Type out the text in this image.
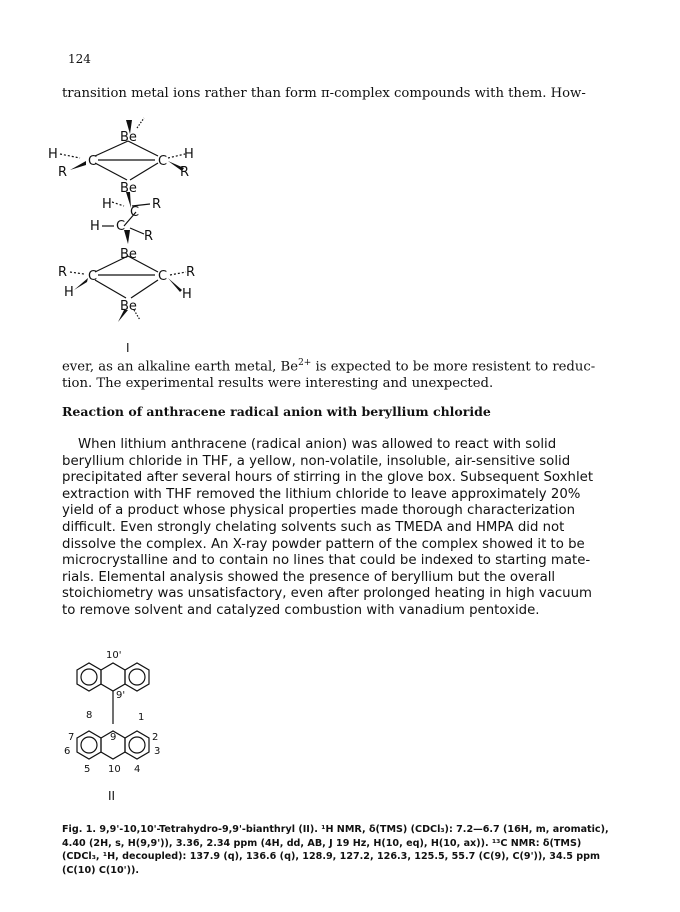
124
transition metal ions rather than form π-complex compounds with them. How-
Be
C	C
H
R
H
R
Be
H
C
R
H C
R
Be
C	C
R
H
R
H
Be
I
ever, as an alkaline earth metal, $Be^{2+}$ is expected to be more resistent to reduc-
tion. The experimental results were interesting and unexpected.
Reaction of anthracene radical anion with beryllium chloride
When lithium anthracene (radical anion) was allowed to react with solid
beryllium chloride in THF, a yellow, non-volatile, insoluble, air-sensitive solid
precipitated after several hours of stirring in the glove box. Subsequent Soxhlet
extraction with THF removed the lithium chloride to leave approximately 20%
yield of a product whose physical properties made thorough characterization
difficult. Even strongly chelating solvents such as TMEDA and HMPA did not
dissolve the complex. An X-ray powder pattern of the complex showed it to be
microcrystalline and to contain no lines that could be indexed to starting mate-
rials. Elemental analysis showed the presence of beryllium but the overall
stoichiometry was unsatisfactory, even after prolonged heating in high vacuum
to remove solvent and catalyzed combustion with vanadium pentoxide.
10'
9'
8
9
1
7	2
6	3
5 10 4
II
Fig. 1. 9,9'-10,10'-Tetrahydro-9,9'-bianthryl (II). ¹H NMR, δ(TMS) (CDCl₃): 7.2—6.7 (16H, m, aromatic),
4.40 (2H, s, H(9,9')), 3.36, 2.34 ppm (4H, dd, AB, J 19 Hz, H(10, eq), H(10, ax)). ¹³C NMR: δ(TMS)
(CDCl₃, ¹H, decoupled): 137.9 (q), 136.6 (q), 128.9, 127.2, 126.3, 125.5, 55.7 (C(9), C(9')), 34.5 ppm
(C(10) C(10')).
